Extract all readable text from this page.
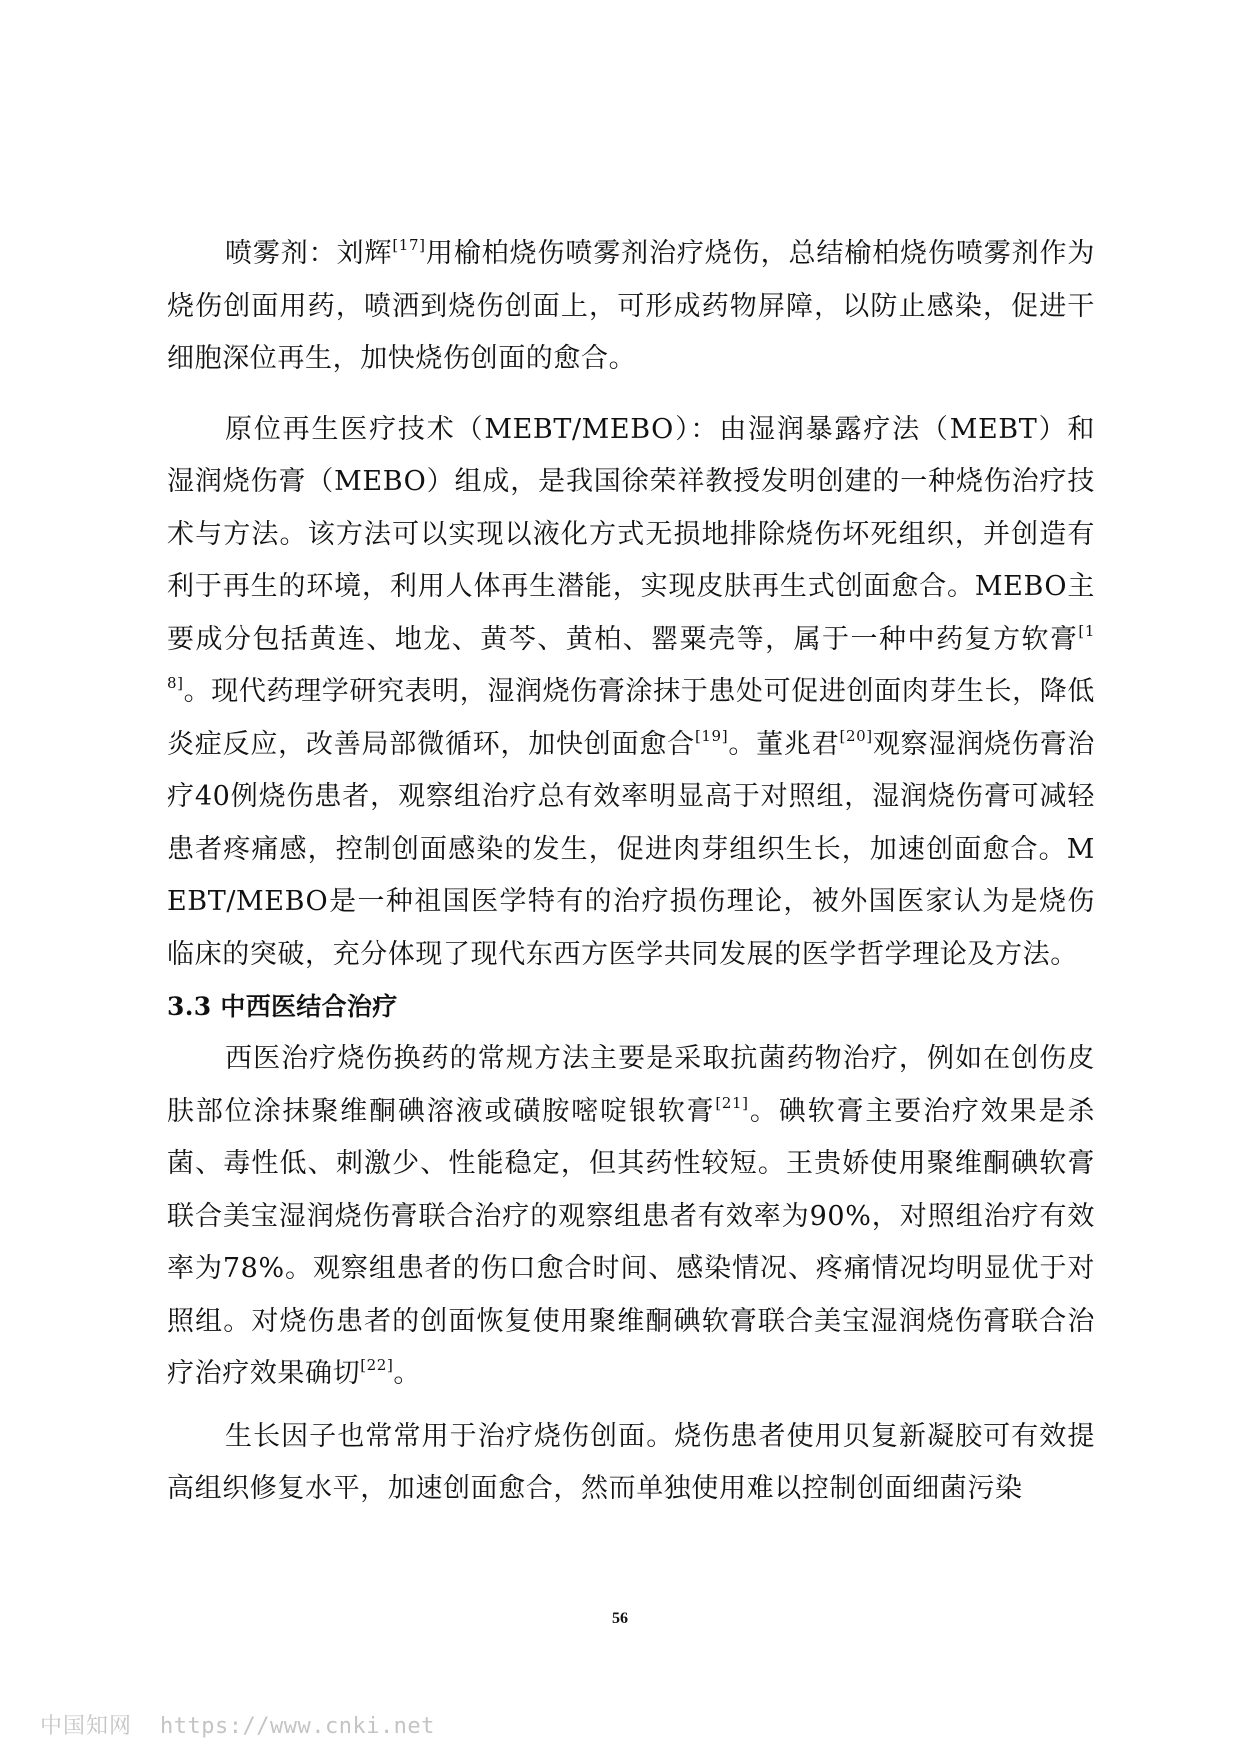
喷雾剂：刘辉[17]用榆柏烧伤喷雾剂治疗烧伤，总结榆柏烧伤喷雾剂作为烧伤创面用药，喷洒到烧伤创面上，可形成药物屏障，以防止感染，促进干细胞深位再生，加快烧伤创面的愈合。

原位再生医疗技术（MEBT/MEBO）：由湿润暴露疗法（MEBT）和湿润烧伤膏（MEBO）组成，是我国徐荣祥教授发明创建的一种烧伤治疗技术与方法。该方法可以实现以液化方式无损地排除烧伤坏死组织，并创造有利于再生的环境，利用人体再生潜能，实现皮肤再生式创面愈合。MEBO主要成分包括黄连、地龙、黄芩、黄柏、罂粟壳等，属于一种中药复方软膏[18]。现代药理学研究表明，湿润烧伤膏涂抹于患处可促进创面肉芽生长，降低炎症反应，改善局部微循环，加快创面愈合[19]。董兆君[20]观察湿润烧伤膏治疗40例烧伤患者，观察组治疗总有效率明显高于对照组，湿润烧伤膏可减轻患者疼痛感，控制创面感染的发生，促进肉芽组织生长，加速创面愈合。MEBT/MEBO是一种祖国医学特有的治疗损伤理论，被外国医家认为是烧伤临床的突破，充分体现了现代东西方医学共同发展的医学哲学理论及方法。

3.3 中西医结合治疗

西医治疗烧伤换药的常规方法主要是采取抗菌药物治疗，例如在创伤皮肤部位涂抹聚维酮碘溶液或磺胺嘧啶银软膏[21]。碘软膏主要治疗效果是杀菌、毒性低、刺激少、性能稳定，但其药性较短。王贵娇使用聚维酮碘软膏联合美宝湿润烧伤膏联合治疗的观察组患者有效率为90%，对照组治疗有效率为78%。观察组患者的伤口愈合时间、感染情况、疼痛情况均明显优于对照组。对烧伤患者的创面恢复使用聚维酮碘软膏联合美宝湿润烧伤膏联合治疗治疗效果确切[22]。

生长因子也常常用于治疗烧伤创面。烧伤患者使用贝复新凝胶可有效提高组织修复水平，加速创面愈合，然而单独使用难以控制创面细菌污染

56
中国知网 https://www.cnki.net
